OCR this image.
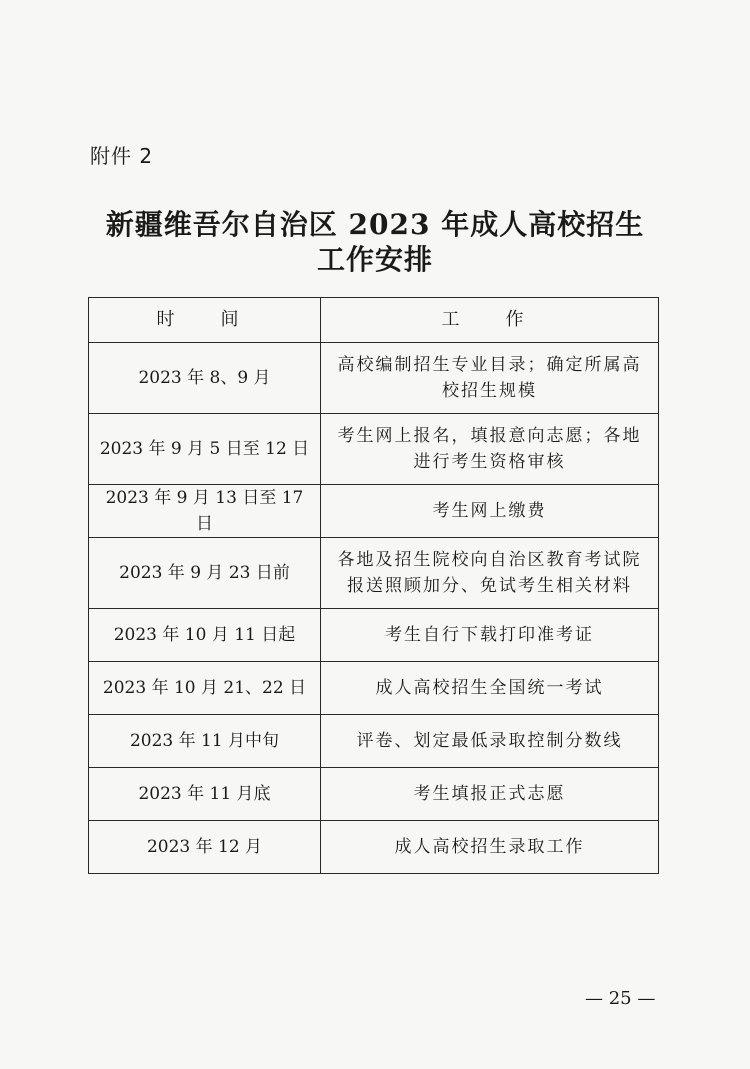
附件 2
新疆维吾尔自治区 2023 年成人高校招生
工作安排
时　间	工　作
2023 年 8、9 月	高校编制招生专业目录；确定所属高校招生规模
2023 年 9 月 5 日至 12 日	考生网上报名，填报意向志愿；各地进行考生资格审核
2023 年 9 月 13 日至 17 日	考生网上缴费
2023 年 9 月 23 日前	各地及招生院校向自治区教育考试院报送照顾加分、免试考生相关材料
2023 年 10 月 11 日起	考生自行下载打印准考证
2023 年 10 月 21、22 日	成人高校招生全国统一考试
2023 年 11 月中旬	评卷、划定最低录取控制分数线
2023 年 11 月底	考生填报正式志愿
2023 年 12 月	成人高校招生录取工作
— 25 —
